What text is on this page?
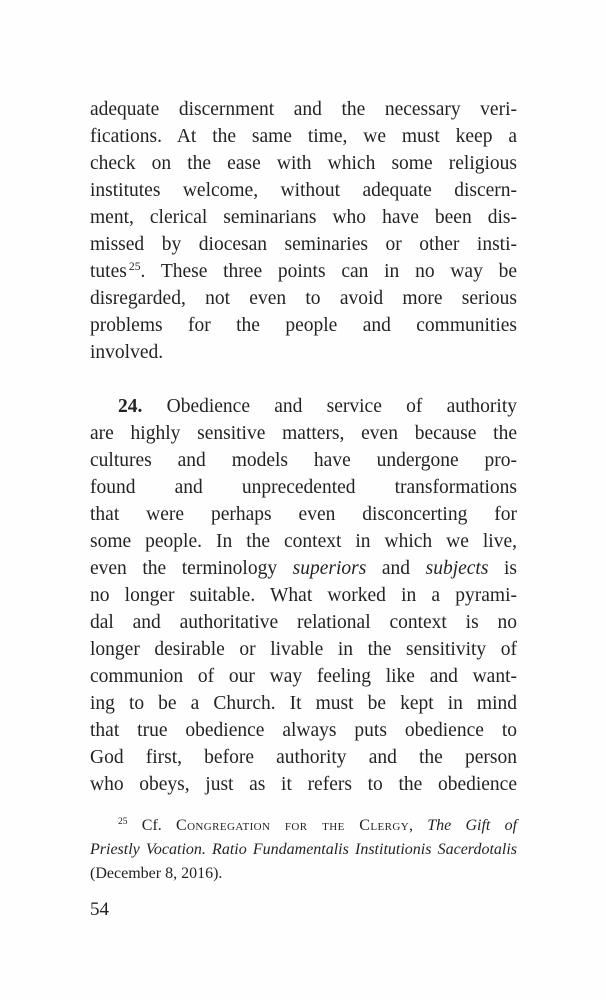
adequate discernment and the necessary veri-
fications. At the same time, we must keep a
check on the ease with which some religious
institutes welcome, without adequate discern-
ment, clerical seminarians who have been dis-
missed by diocesan seminaries or other insti-
tutes $^{25}$. These three points can in no way be
disregarded, not even to avoid more serious
problems for the people and communities
involved.
24. Obedience and service of authority
are highly sensitive matters, even because the
cultures and models have undergone pro-
found and unprecedented transformations
that were perhaps even disconcerting for
some people. In the context in which we live,
even the terminology superiors and subjects is
no longer suitable. What worked in a pyrami-
dal and authoritative relational context is no
longer desirable or livable in the sensitivity of
communion of our way feeling like and want-
ing to be a Church. It must be kept in mind
that true obedience always puts obedience to
God first, before authority and the person
who obeys, just as it refers to the obedience
$^{25}$ Cf. Congregation for the Clergy, The Gift of
Priestly Vocation. Ratio Fundamentalis Institutionis Sacerdotalis
(December 8, 2016).
54
